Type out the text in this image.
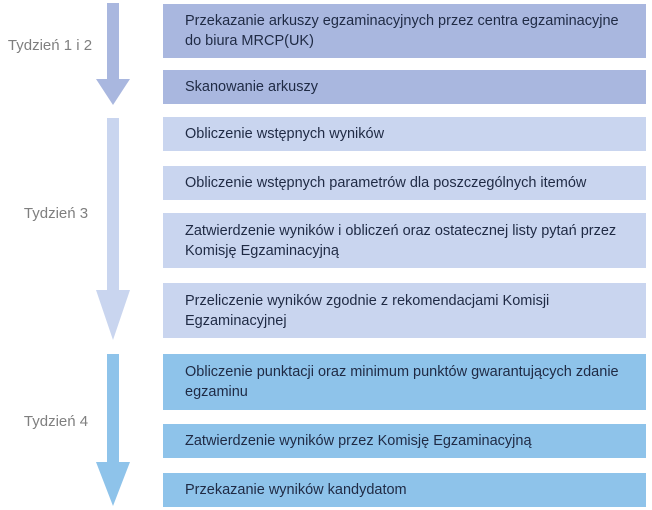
Tydzień 1 i 2
Przekazanie arkuszy egzaminacyjnych przez centra egzaminacyjne do biura MRCP(UK)
Skanowanie arkuszy
Tydzień 3
Obliczenie wstępnych wyników
Obliczenie wstępnych parametrów dla poszczególnych itemów
Zatwierdzenie wyników i obliczeń oraz ostatecznej listy pytań przez Komisję Egzaminacyjną
Przeliczenie wyników zgodnie z rekomendacjami Komisji Egzaminacyjnej
Tydzień 4
Obliczenie punktacji oraz minimum punktów gwarantujących zdanie egzaminu
Zatwierdzenie wyników przez Komisję Egzaminacyjną
Przekazanie wyników kandydatom
